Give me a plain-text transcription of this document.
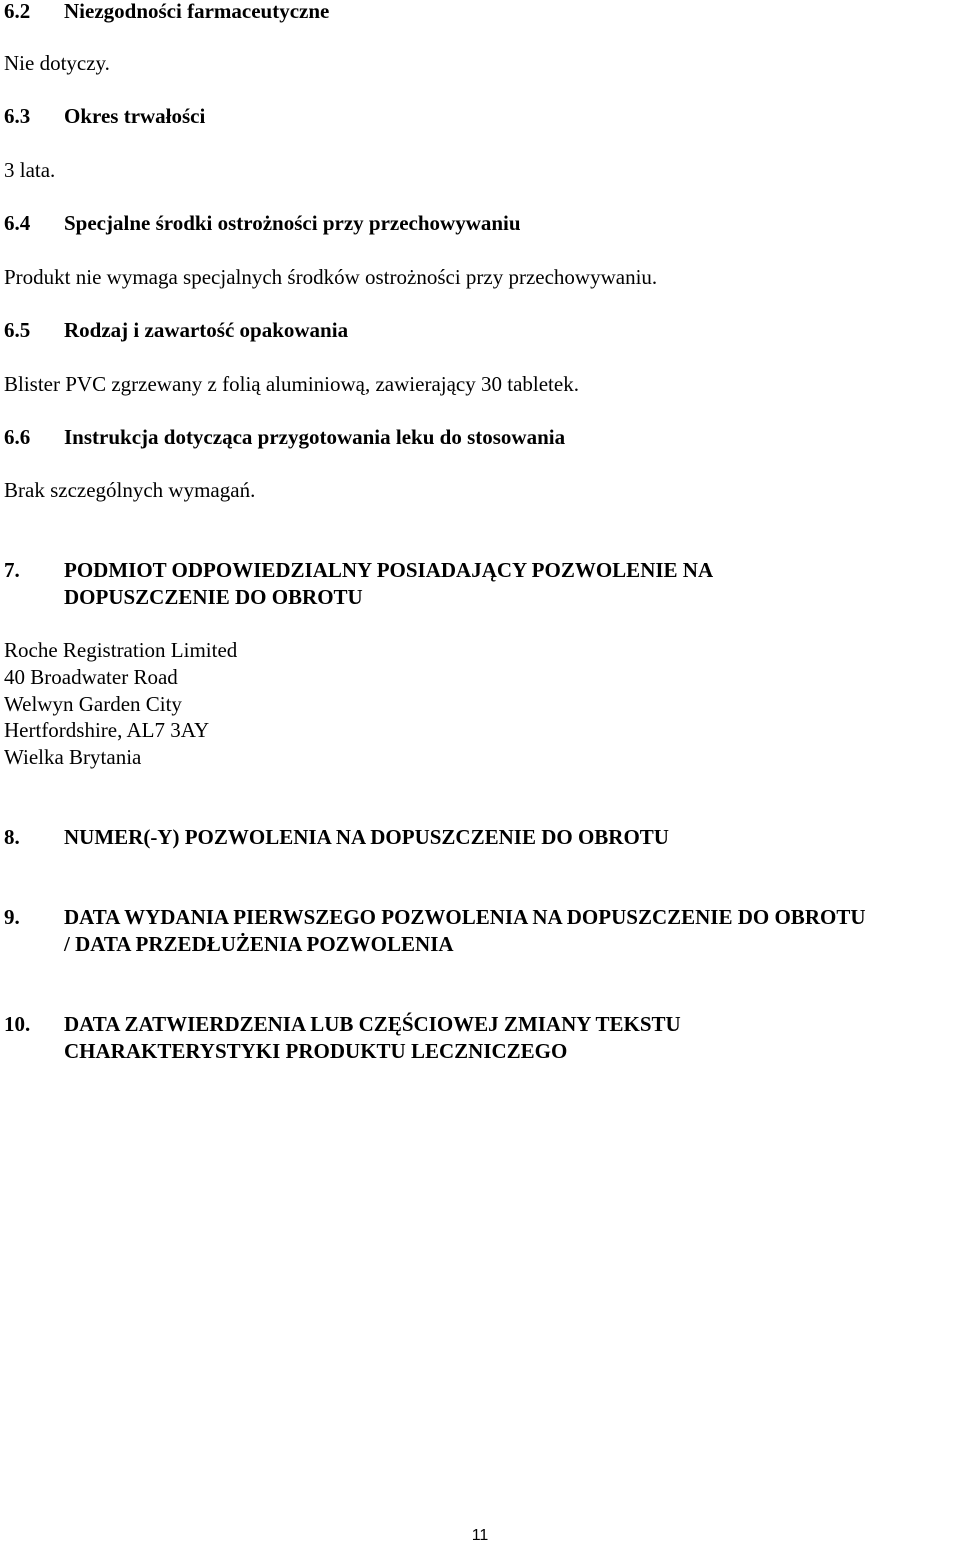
6.2 Niezgodności farmaceutyczne
Nie dotyczy.
6.3 Okres trwałości
3 lata.
6.4 Specjalne środki ostrożności przy przechowywaniu
Produkt nie wymaga specjalnych środków ostrożności przy przechowywaniu.
6.5 Rodzaj i zawartość opakowania
Blister PVC zgrzewany z folią aluminiową, zawierający 30 tabletek.
6.6 Instrukcja dotycząca przygotowania leku do stosowania
Brak szczególnych wymagań.
7. PODMIOT ODPOWIEDZIALNY POSIADAJĄCY POZWOLENIE NA
DOPUSZCZENIE DO OBROTU
Roche Registration Limited
40 Broadwater Road
Welwyn Garden City
Hertfordshire, AL7 3AY
Wielka Brytania
8. NUMER(-Y) POZWOLENIA NA DOPUSZCZENIE DO OBROTU
9. DATA WYDANIA PIERWSZEGO POZWOLENIA NA DOPUSZCZENIE DO OBROTU
/ DATA PRZEDŁUŻENIA POZWOLENIA
10. DATA ZATWIERDZENIA LUB CZĘŚCIOWEJ ZMIANY TEKSTU
CHARAKTERYSTYKI PRODUKTU LECZNICZEGO
11
